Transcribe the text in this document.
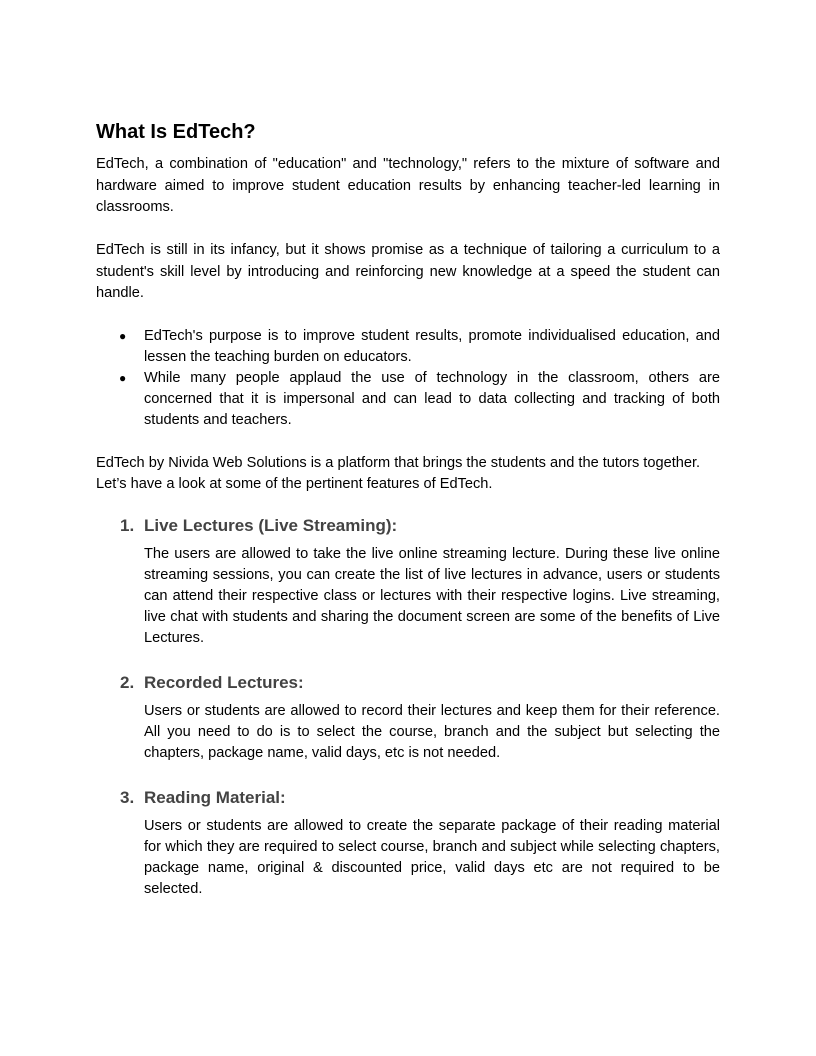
What Is EdTech?

EdTech, a combination of "education" and "technology," refers to the mixture of software and hardware aimed to improve student education results by enhancing teacher-led learning in classrooms.

EdTech is still in its infancy, but it shows promise as a technique of tailoring a curriculum to a student's skill level by introducing and reinforcing new knowledge at a speed the student can handle.

● EdTech's purpose is to improve student results, promote individualised education, and lessen the teaching burden on educators.
● While many people applaud the use of technology in the classroom, others are concerned that it is impersonal and can lead to data collecting and tracking of both students and teachers.

EdTech by Nivida Web Solutions is a platform that brings the students and the tutors together. Let’s have a look at some of the pertinent features of EdTech.

1. Live Lectures (Live Streaming):
The users are allowed to take the live online streaming lecture. During these live online streaming sessions, you can create the list of live lectures in advance, users or students can attend their respective class or lectures with their respective logins. Live streaming, live chat with students and sharing the document screen are some of the benefits of Live Lectures.
2. Recorded Lectures:
Users or students are allowed to record their lectures and keep them for their reference. All you need to do is to select the course, branch and the subject but selecting the chapters, package name, valid days, etc is not needed.
3. Reading Material:
Users or students are allowed to create the separate package of their reading material for which they are required to select course, branch and subject while selecting chapters, package name, original & discounted price, valid days etc are not required to be selected.
